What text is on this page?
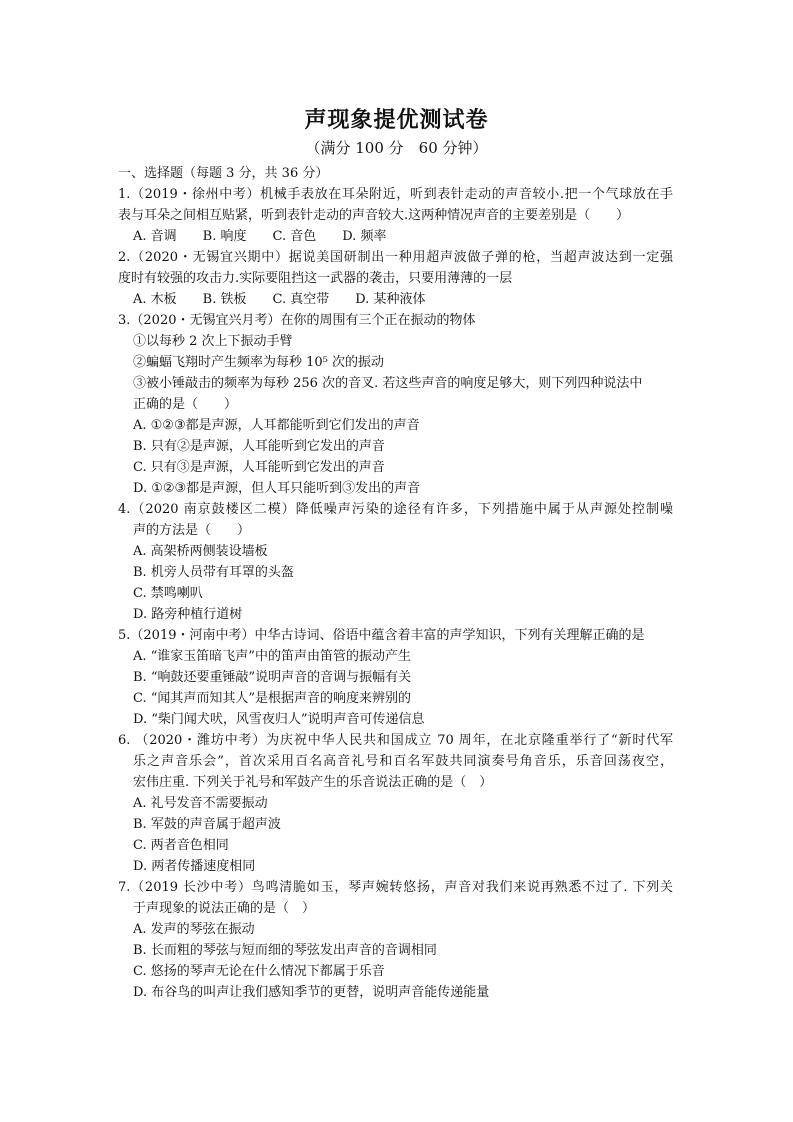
声现象提优测试卷
（满分 100 分　60 分钟）
一、选择题（每题 3 分，共 36 分）
1.（2019・徐州中考）机械手表放在耳朵附近，听到表针走动的声音较小.把一个气球放在手
表与耳朵之间相互贴紧，听到表针走动的声音较大.这两种情况声音的主要差别是（　　）
A. 音调　　B. 响度　　C. 音色　　D. 频率
2.（2020・无锡宜兴期中）据说美国研制出一种用超声波做子弹的枪，当超声波达到一定强
度时有较强的攻击力.实际要阻挡这一武器的袭击，只要用薄薄的一层
A. 木板　　B. 铁板　　C. 真空带　　D. 某种液体
3.（2020・无锡宜兴月考）在你的周围有三个正在振动的物体
①以每秒 2 次上下振动手臂
②蝙蝠飞翔时产生频率为每秒 10⁵ 次的振动
③被小锤敲击的频率为每秒 256 次的音叉. 若这些声音的响度足够大，则下列四种说法中
正确的是（　　）
A. ①②③都是声源，人耳都能听到它们发出的声音
B. 只有②是声源，人耳能听到它发出的声音
C. 只有③是声源，人耳能听到它发出的声音
D. ①②③都是声源，但人耳只能听到③发出的声音
4.（2020 南京鼓楼区二模）降低噪声污染的途径有许多，下列措施中属于从声源处控制噪
声的方法是（　　）
A. 高架桥两侧装设墙板
B. 机旁人员带有耳罩的头盔
C. 禁鸣喇叭
D. 路旁种植行道树
5.（2019・河南中考）中华古诗词、俗语中蕴含着丰富的声学知识，下列有关理解正确的是
A. “谁家玉笛暗飞声”中的笛声由笛管的振动产生
B. “响鼓还要重锤敲”说明声音的音调与振幅有关
C. “闻其声而知其人”是根据声音的响度来辨别的
D. “柴门闻犬吠，风雪夜归人”说明声音可传递信息
6. （2020・潍坊中考）为庆祝中华人民共和国成立 70 周年，在北京隆重举行了“新时代军
乐之声音乐会”，首次采用百名高音礼号和百名军鼓共同演奏号角音乐，乐音回荡夜空，
宏伟庄重. 下列关于礼号和军鼓产生的乐音说法正确的是（　）
A. 礼号发音不需要振动
B. 军鼓的声音属于超声波
C. 两者音色相同
D. 两者传播速度相同
7.（2019 长沙中考）鸟鸣清脆如玉，琴声婉转悠扬，声音对我们来说再熟悉不过了. 下列关
于声现象的说法正确的是（　）
A. 发声的琴弦在振动
B. 长而粗的琴弦与短而细的琴弦发出声音的音调相同
C. 悠扬的琴声无论在什么情况下都属于乐音
D. 布谷鸟的叫声让我们感知季节的更替，说明声音能传递能量
